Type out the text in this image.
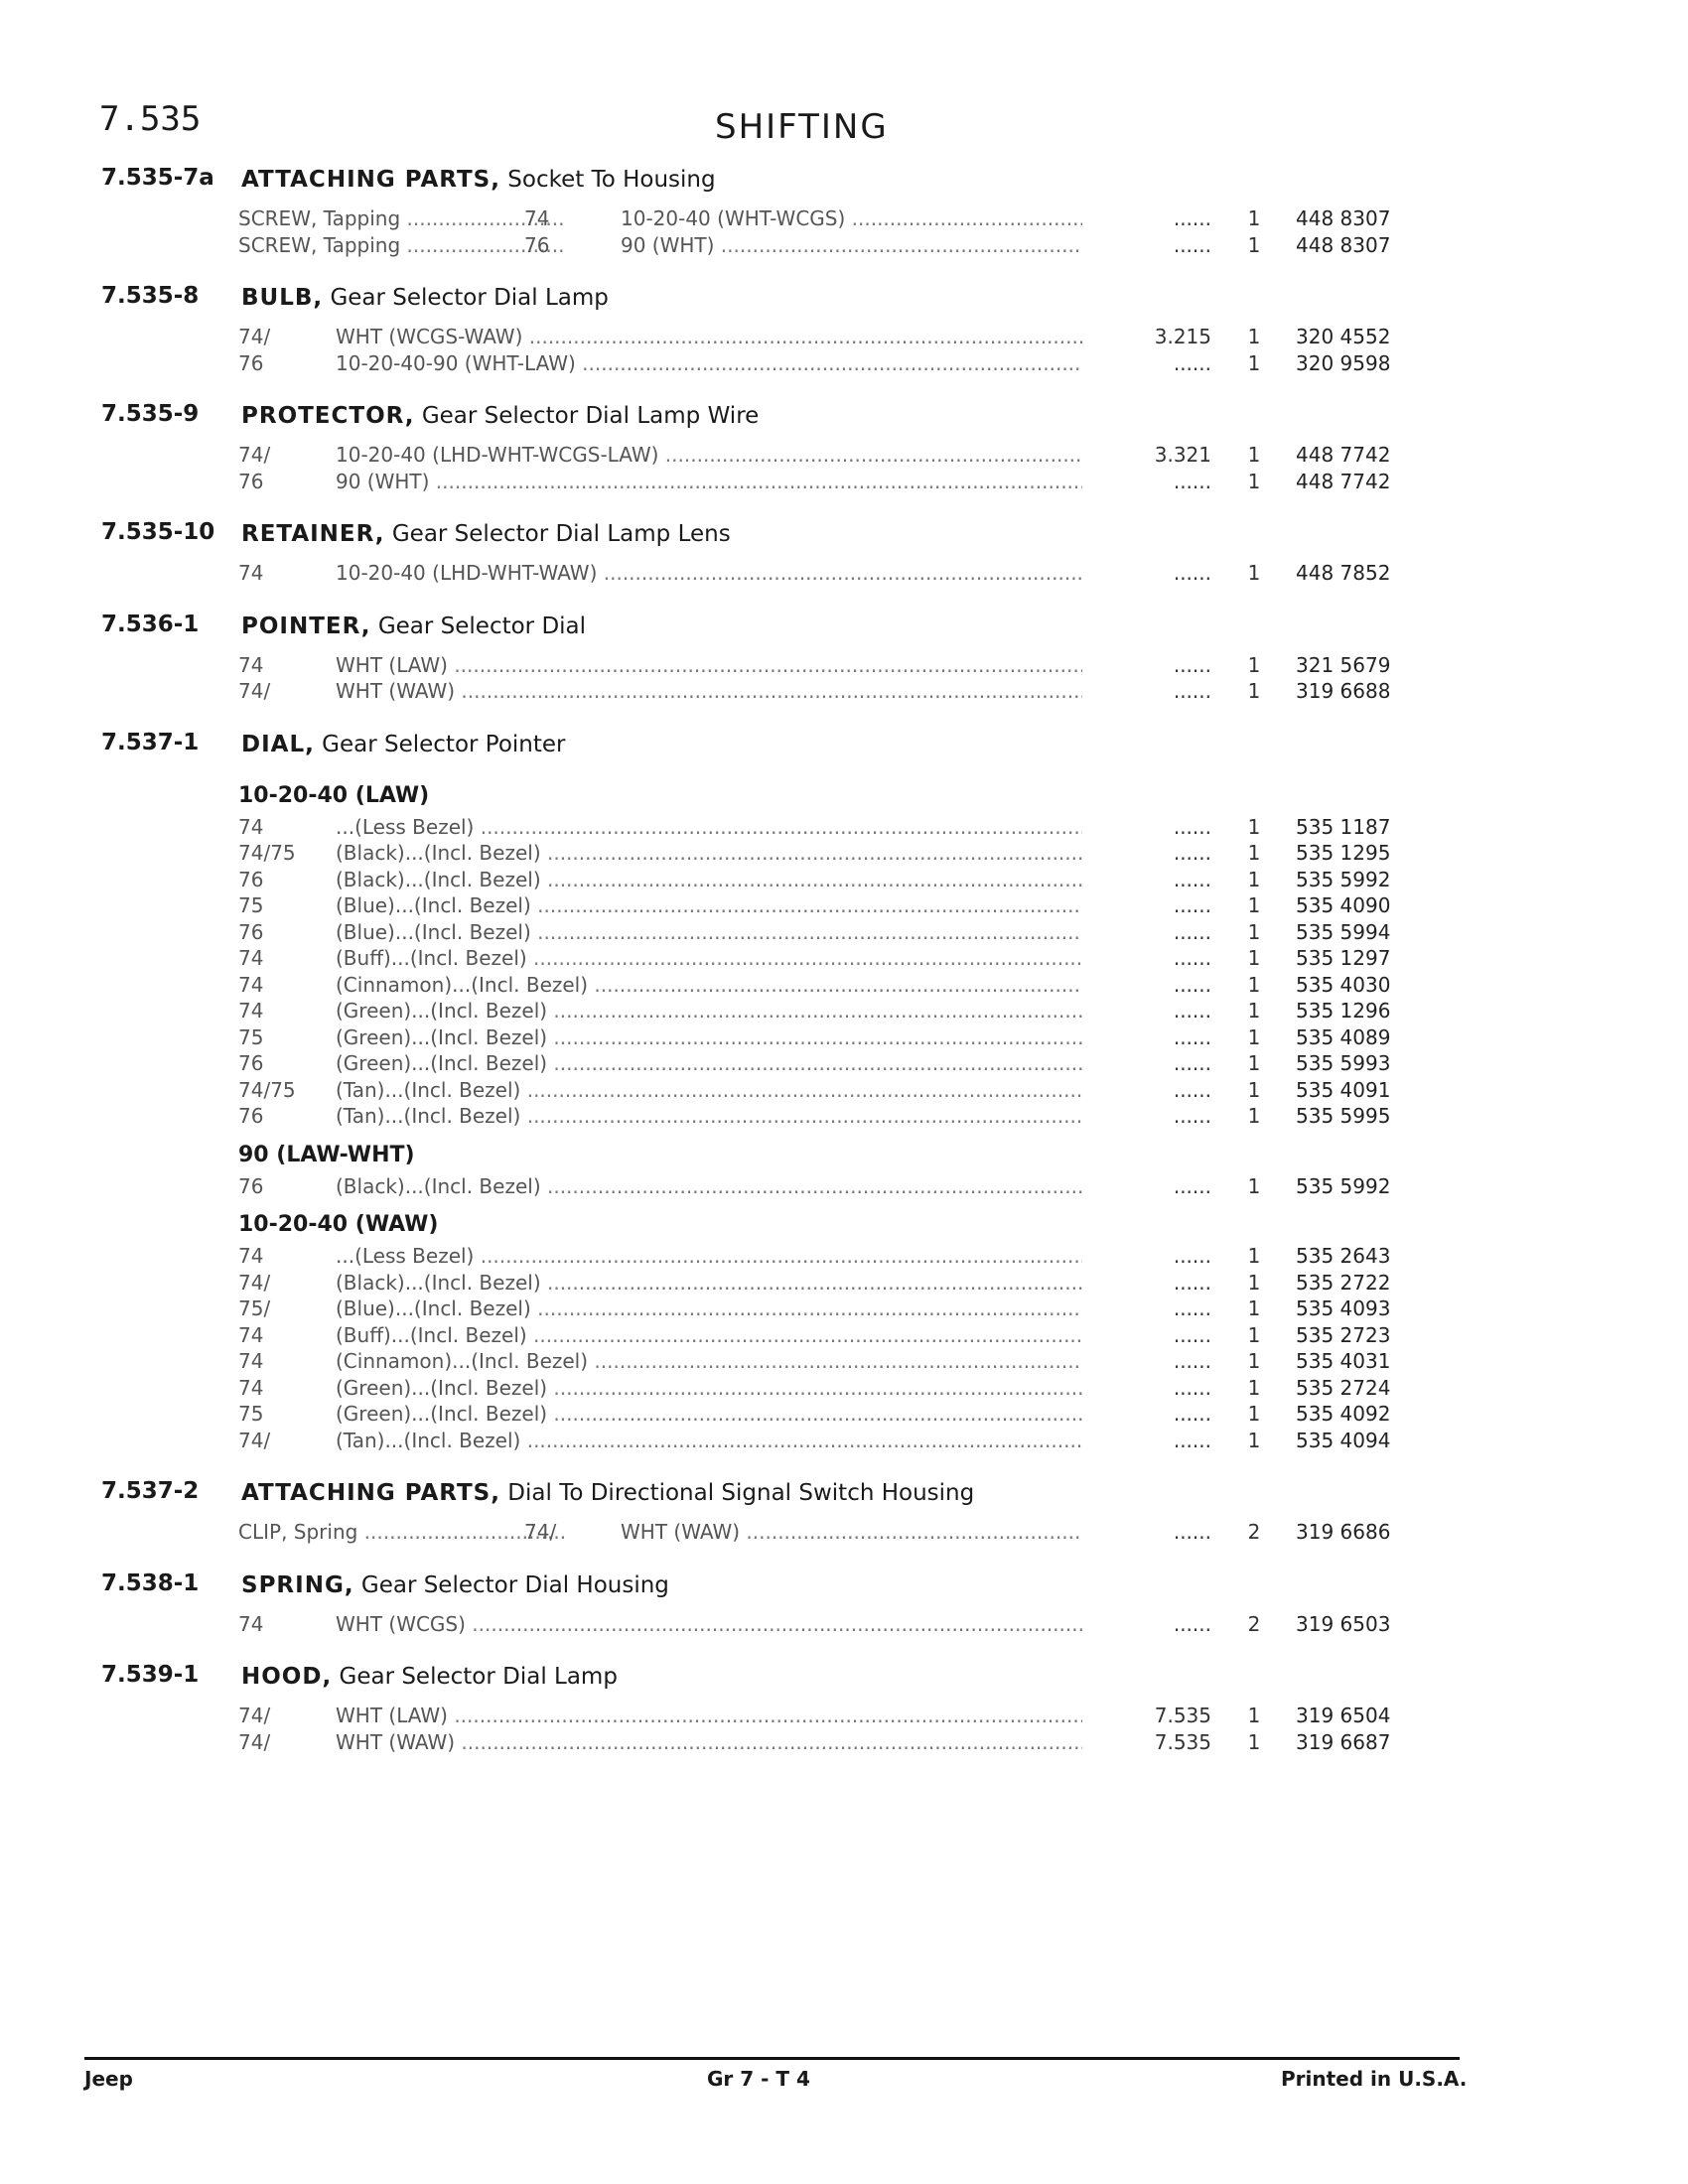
7.535	SHIFTING
7.535-7a ATTACHING PARTS, Socket To Housing
SCREW, Tapping .....	74	10-20-40 (WHT-WCGS) .....	......	1	448 8307
SCREW, Tapping .....	76	90 (WHT) .....	......	1	448 8307
7.535-8 BULB, Gear Selector Dial Lamp
74/	WHT (WCGS-WAW) .....	3.215	1	320 4552
76	10-20-40-90 (WHT-LAW) .....	......	1	320 9598
7.535-9 PROTECTOR, Gear Selector Dial Lamp Wire
74/	10-20-40 (LHD-WHT-WCGS-LAW) .....	3.321	1	448 7742
76	90 (WHT) .....	......	1	448 7742
7.535-10 RETAINER, Gear Selector Dial Lamp Lens
74	10-20-40 (LHD-WHT-WAW) .....	......	1	448 7852
7.536-1 POINTER, Gear Selector Dial
74	WHT (LAW) .....	......	1	321 5679
74/	WHT (WAW) .....	......	1	319 6688
7.537-1 DIAL, Gear Selector Pointer
10-20-40 (LAW)
74	...(Less Bezel) .....	......	1	535 1187
74/75 (Black)...(Incl. Bezel) .....	......	1	535 1295
76	(Black)...(Incl. Bezel) .....	......	1	535 5992
75	(Blue)...(Incl. Bezel) .....	......	1	535 4090
76	(Blue)...(Incl. Bezel) .....	......	1	535 5994
74	(Buff)...(Incl. Bezel) .....	......	1	535 1297
74	(Cinnamon)...(Incl. Bezel) .....	......	1	535 4030
74	(Green)...(Incl. Bezel) .....	......	1	535 1296
75	(Green)...(Incl. Bezel) .....	......	1	535 4089
76	(Green)...(Incl. Bezel) .....	......	1	535 5993
74/75 (Tan)...(Incl. Bezel) .....	......	1	535 4091
76	(Tan)...(Incl. Bezel) .....	......	1	535 5995
90 (LAW-WHT)
76	(Black)...(Incl. Bezel) .....	......	1	535 5992
10-20-40 (WAW)
74	...(Less Bezel) .....	......	1	535 2643
74/	(Black)...(Incl. Bezel) .....	......	1	535 2722
75/	(Blue)...(Incl. Bezel) .....	......	1	535 4093
74	(Buff)...(Incl. Bezel) .....	......	1	535 2723
74	(Cinnamon)...(Incl. Bezel) .....	......	1	535 4031
74	(Green)...(Incl. Bezel) .....	......	1	535 2724
75	(Green)...(Incl. Bezel) .....	......	1	535 4092
74/	(Tan)...(Incl. Bezel) .....	......	1	535 4094
7.537-2 ATTACHING PARTS, Dial To Directional Signal Switch Housing
CLIP, Spring .....	74/	WHT (WAW) .....	......	2	319 6686
7.538-1 SPRING, Gear Selector Dial Housing
74	WHT (WCGS) .....	......	2	319 6503
7.539-1 HOOD, Gear Selector Dial Lamp
74/	WHT (LAW) .....	7.535	1	319 6504
74/	WHT (WAW) .....	7.535	1	319 6687
Jeep	Gr 7 - T 4	Printed in U.S.A.
